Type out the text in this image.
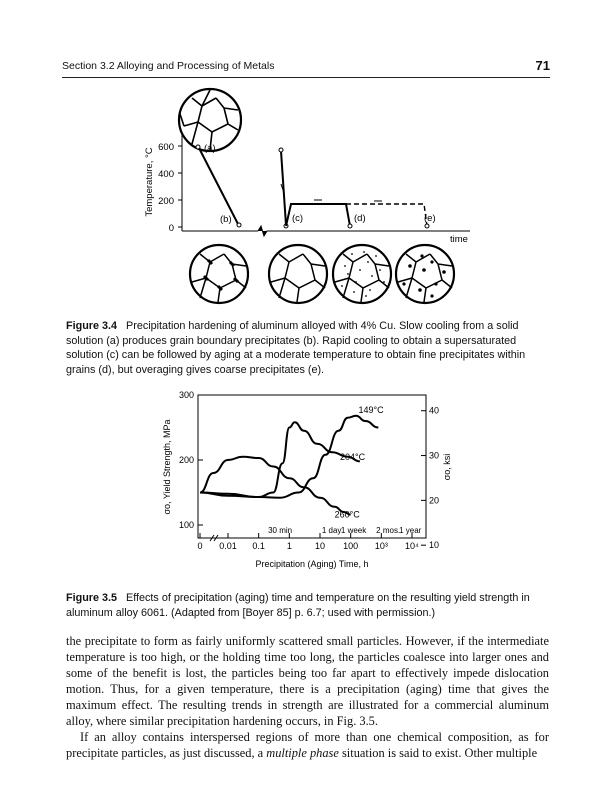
Section 3.2 Alloying and Processing of Metals	71
600
400
200
0
Temperature, °C
time
(a)
(b)	(c)	(d)	(e)
Figure 3.4 Precipitation hardening of aluminum alloyed with 4% Cu. Slow cooling from a solid solution (a) produces grain boundary precipitates (b). Rapid cooling to obtain a supersaturated solution (c) can be followed by aging at a moderate temperature to obtain fine precipitates within grains (d), but overaging gives coarse precipitates (e).
100
200
300
10
20
30
40
0 0.01 0.1 1	10 100 10³ 10⁴
30 min	1 day 1 week 2 mos.
1 year
149°C
204°C
260°C
σo, Yield Strength, MPa	σo, ksi
Precipitation (Aging) Time, h
Figure 3.5 Effects of precipitation (aging) time and temperature on the resulting yield strength in aluminum alloy 6061. (Adapted from [Boyer 85] p. 6.7; used with permission.)

the precipitate to form as fairly uniformly scattered small particles. However, if the intermediate temperature is too high, or the holding time too long, the particles coalesce into larger ones and some of the benefit is lost, the particles being too far apart to effectively impede dislocation motion. Thus, for a given temperature, there is a precipitation (aging) time that gives the maximum effect. The resulting trends in strength are illustrated for a commercial aluminum alloy, where similar precipitation hardening occurs, in Fig. 3.5.

If an alloy contains interspersed regions of more than one chemical composition, as for precipitate particles, as just discussed, a multiple phase situation is said to exist. Other multiple
